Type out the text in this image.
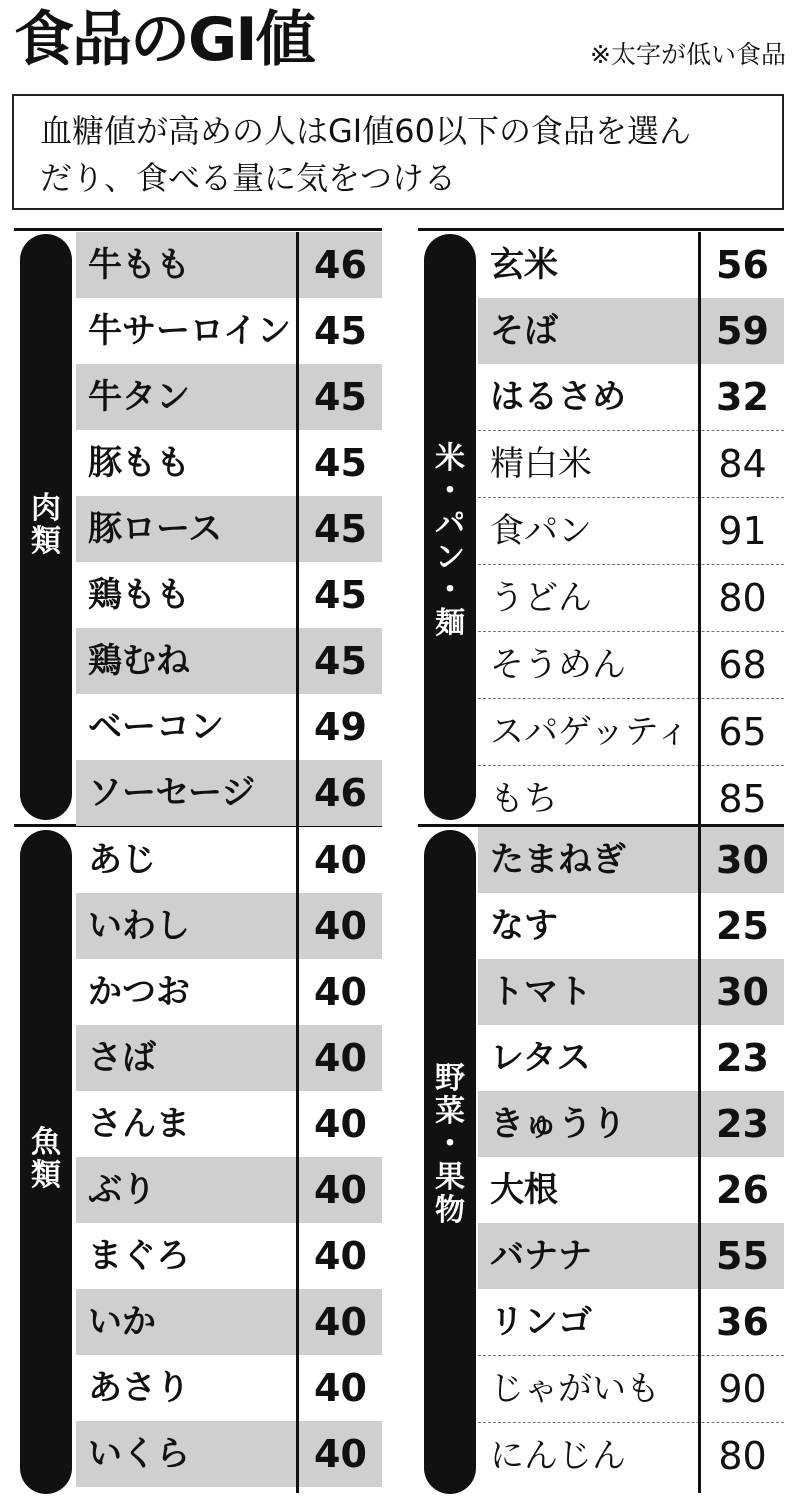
食品のGI値	※太字が低い食品
血糖値が高めの人はGI値60以下の食品を選ん
だり、食べる量に気をつける
肉
類
牛もも	46
牛サーロイン 45
牛タン	45
豚もも	45
豚ロース	45
鶏もも	45
鶏むね	45
ベーコン	49
ソーセージ	46
魚
類
あじ	40
いわし	40
かつお	40
さば	40
さんま	40
ぶり	40
まぐろ	40
いか	40
あさり	40
いくら	40
米
・
パ
ン
・
麺
玄米	56
そば	59
はるさめ	32
精白米	84
食パン	91
うどん	80
そうめん	68
スパゲッティ 65
もち	85
野
菜
・
果
物
たまねぎ	30
なす	25
トマト	30
レタス	23
きゅうり	23
大根	26
バナナ	55
リンゴ	36
じゃがいも	90
にんじん	80
